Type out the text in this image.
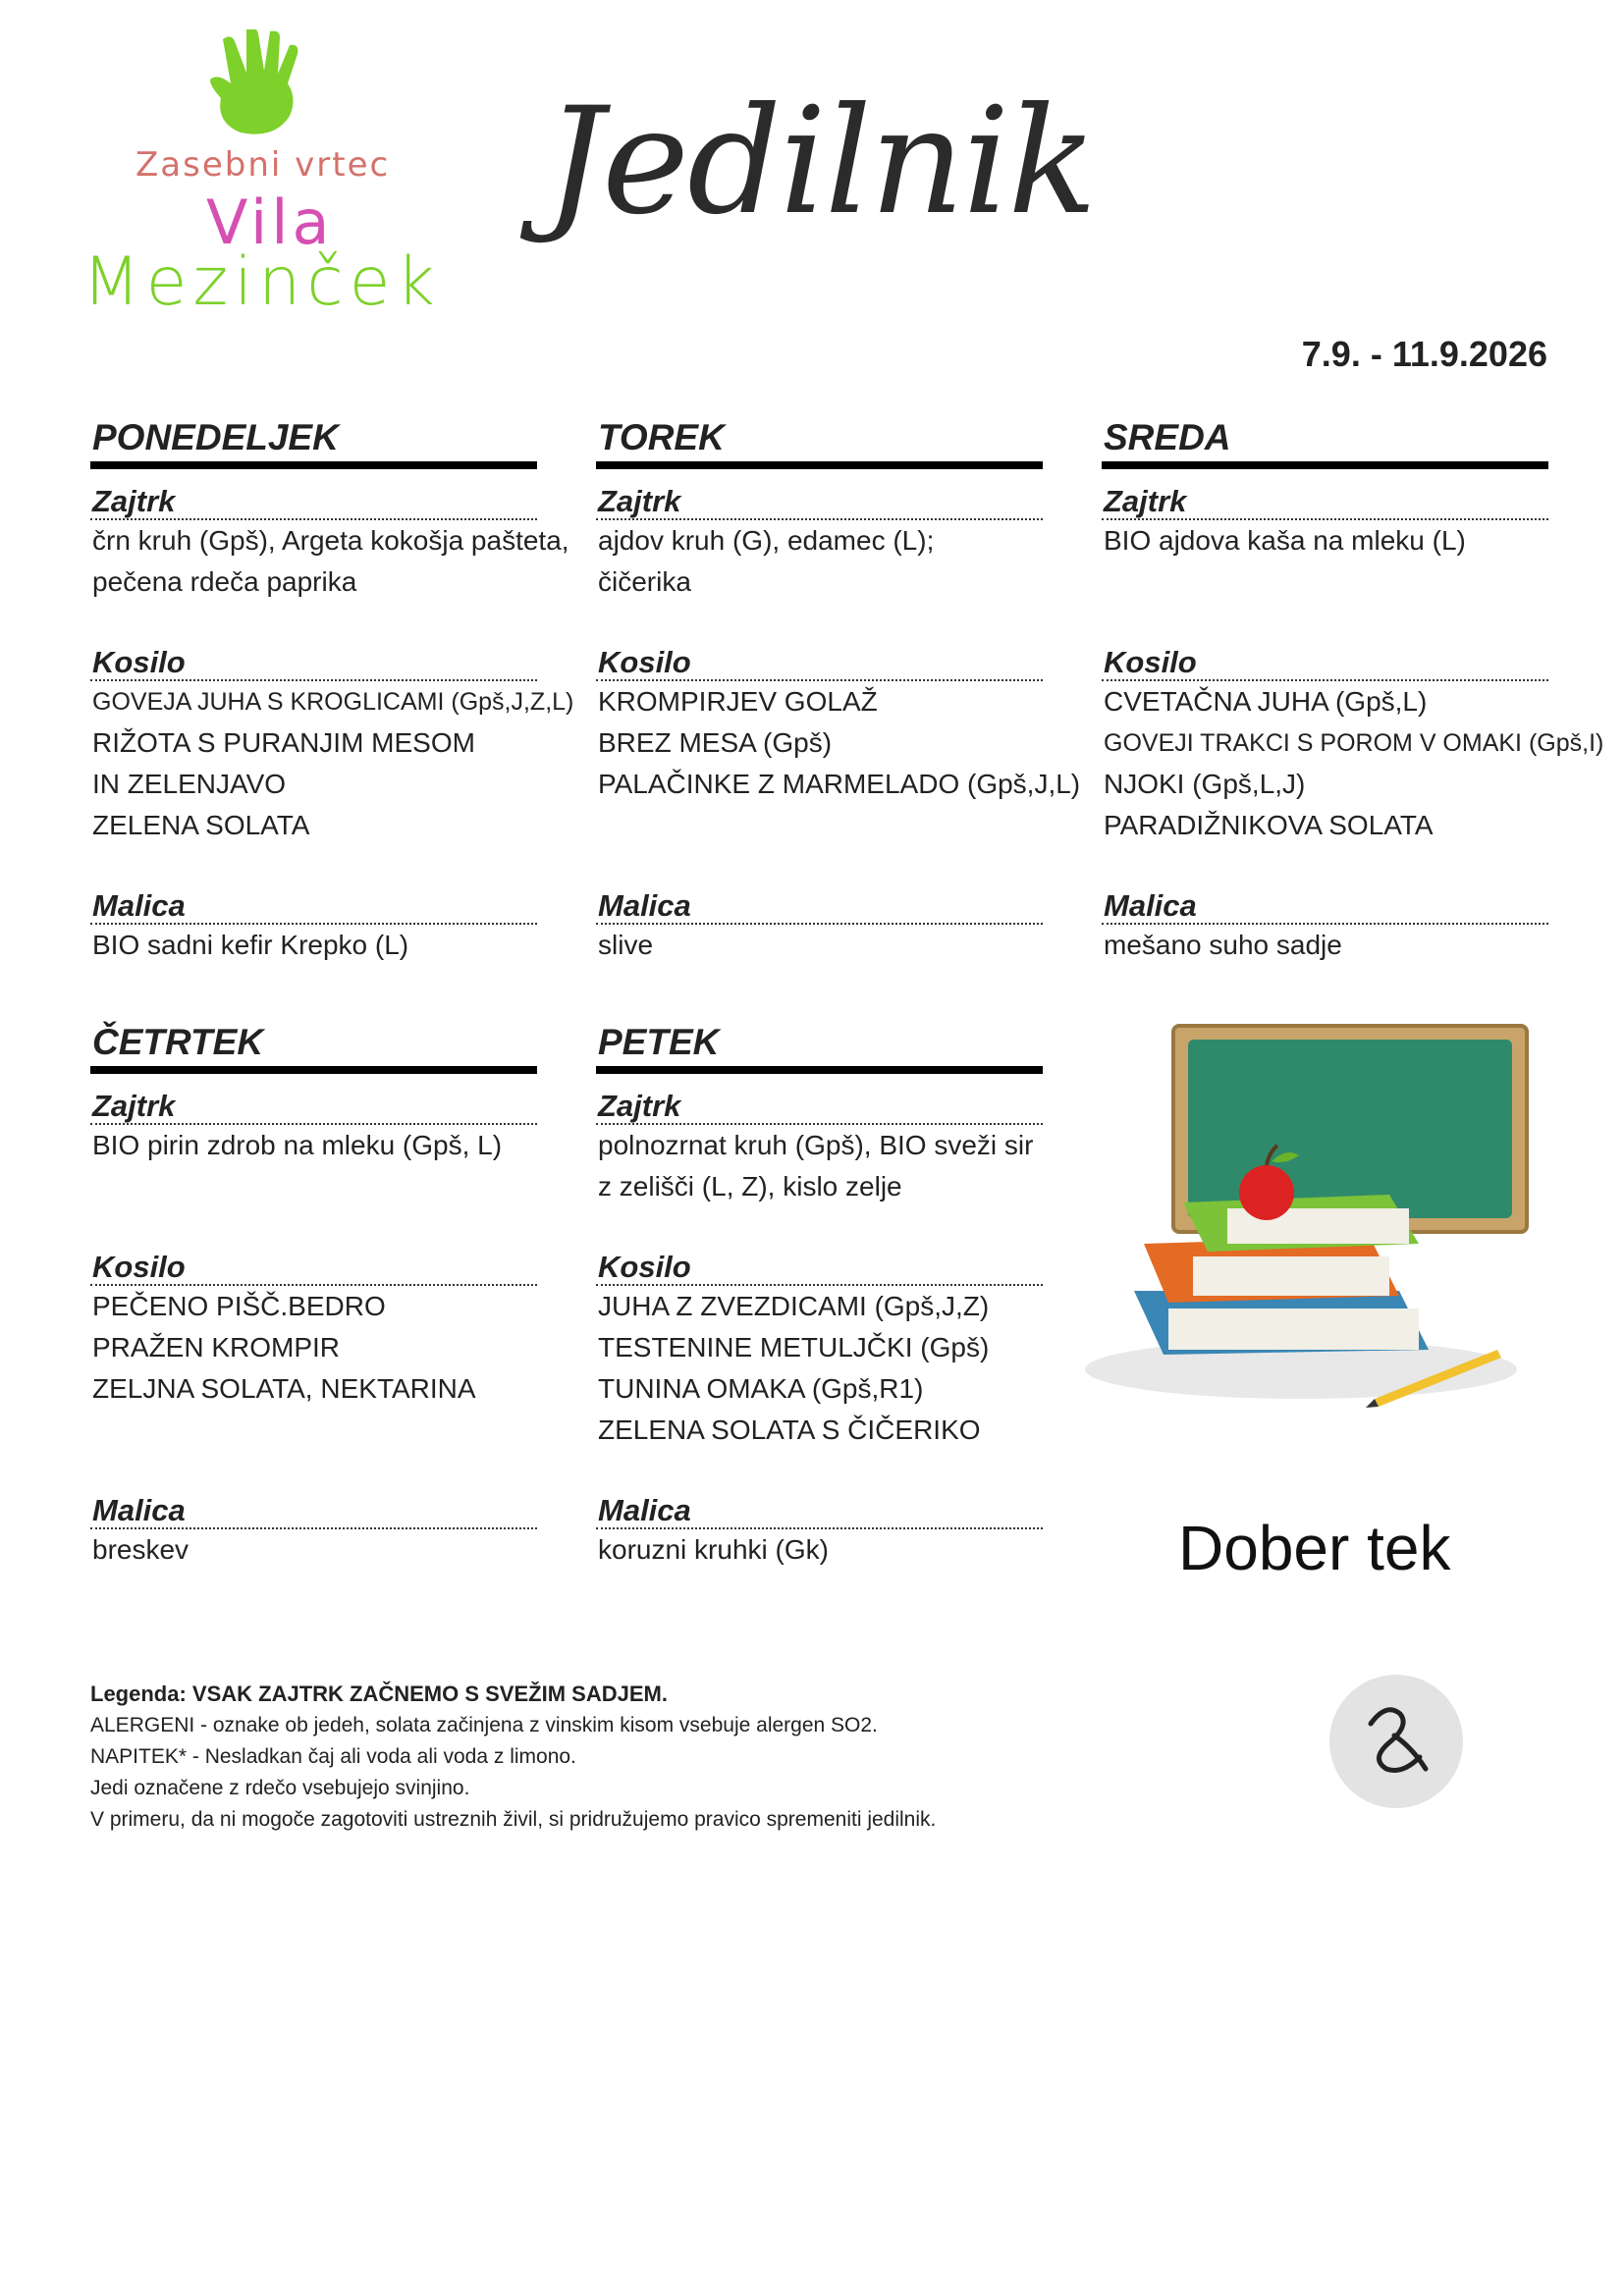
Zasebni vrtec
Vila
Mezinček
Jedilnik
7.9. - 11.9.2026
PONEDELJEK
Zajtrk
črn kruh (Gpš), Argeta kokošja pašteta,
pečena rdeča paprika
Kosilo
GOVEJA JUHA S KROGLICAMI (Gpš,J,Z,L)
RIŽOTA S PURANJIM MESOM
IN ZELENJAVO
ZELENA SOLATA
Malica
BIO sadni kefir Krepko (L)
TOREK
Zajtrk
ajdov kruh (G), edamec (L);
čičerika
Kosilo
KROMPIRJEV GOLAŽ
BREZ MESA (Gpš)
PALAČINKE Z MARMELADO (Gpš,J,L)

Malica
slive
SREDA
Zajtrk
BIO ajdova kaša na mleku (L)

Kosilo
CVETAČNA JUHA (Gpš,L)
GOVEJI TRAKCI S POROM V OMAKI (Gpš,I)
NJOKI (Gpš,L,J)
PARADIŽNIKOVA SOLATA
Malica
mešano suho sadje
ČETRTEK
Zajtrk
BIO pirin zdrob na mleku (Gpš, L)

Kosilo
PEČENO PIŠČ.BEDRO
PRAŽEN KROMPIR
ZELJNA SOLATA, NEKTARINA

Malica
breskev
PETEK
Zajtrk
polnozrnat kruh (Gpš), BIO sveži sir
z zelišči (L, Z), kislo zelje
Kosilo
JUHA Z ZVEZDICAMI (Gpš,J,Z)
TESTENINE METULJČKI (Gpš)
TUNINA OMAKA (Gpš,R1)
ZELENA SOLATA S ČIČERIKO
Malica
koruzni kruhki (Gk)	Dober tek
Legenda: VSAK ZAJTRK ZAČNEMO S SVEŽIM SADJEM.
ALERGENI - oznake ob jedeh, solata začinjena z vinskim kisom vsebuje alergen SO2.
NAPITEK* - Nesladkan čaj ali voda ali voda z limono.
Jedi označene z rdečo vsebujejo svinjino.
V primeru, da ni mogoče zagotoviti ustreznih živil, si pridružujemo pravico spremeniti jedilnik.
